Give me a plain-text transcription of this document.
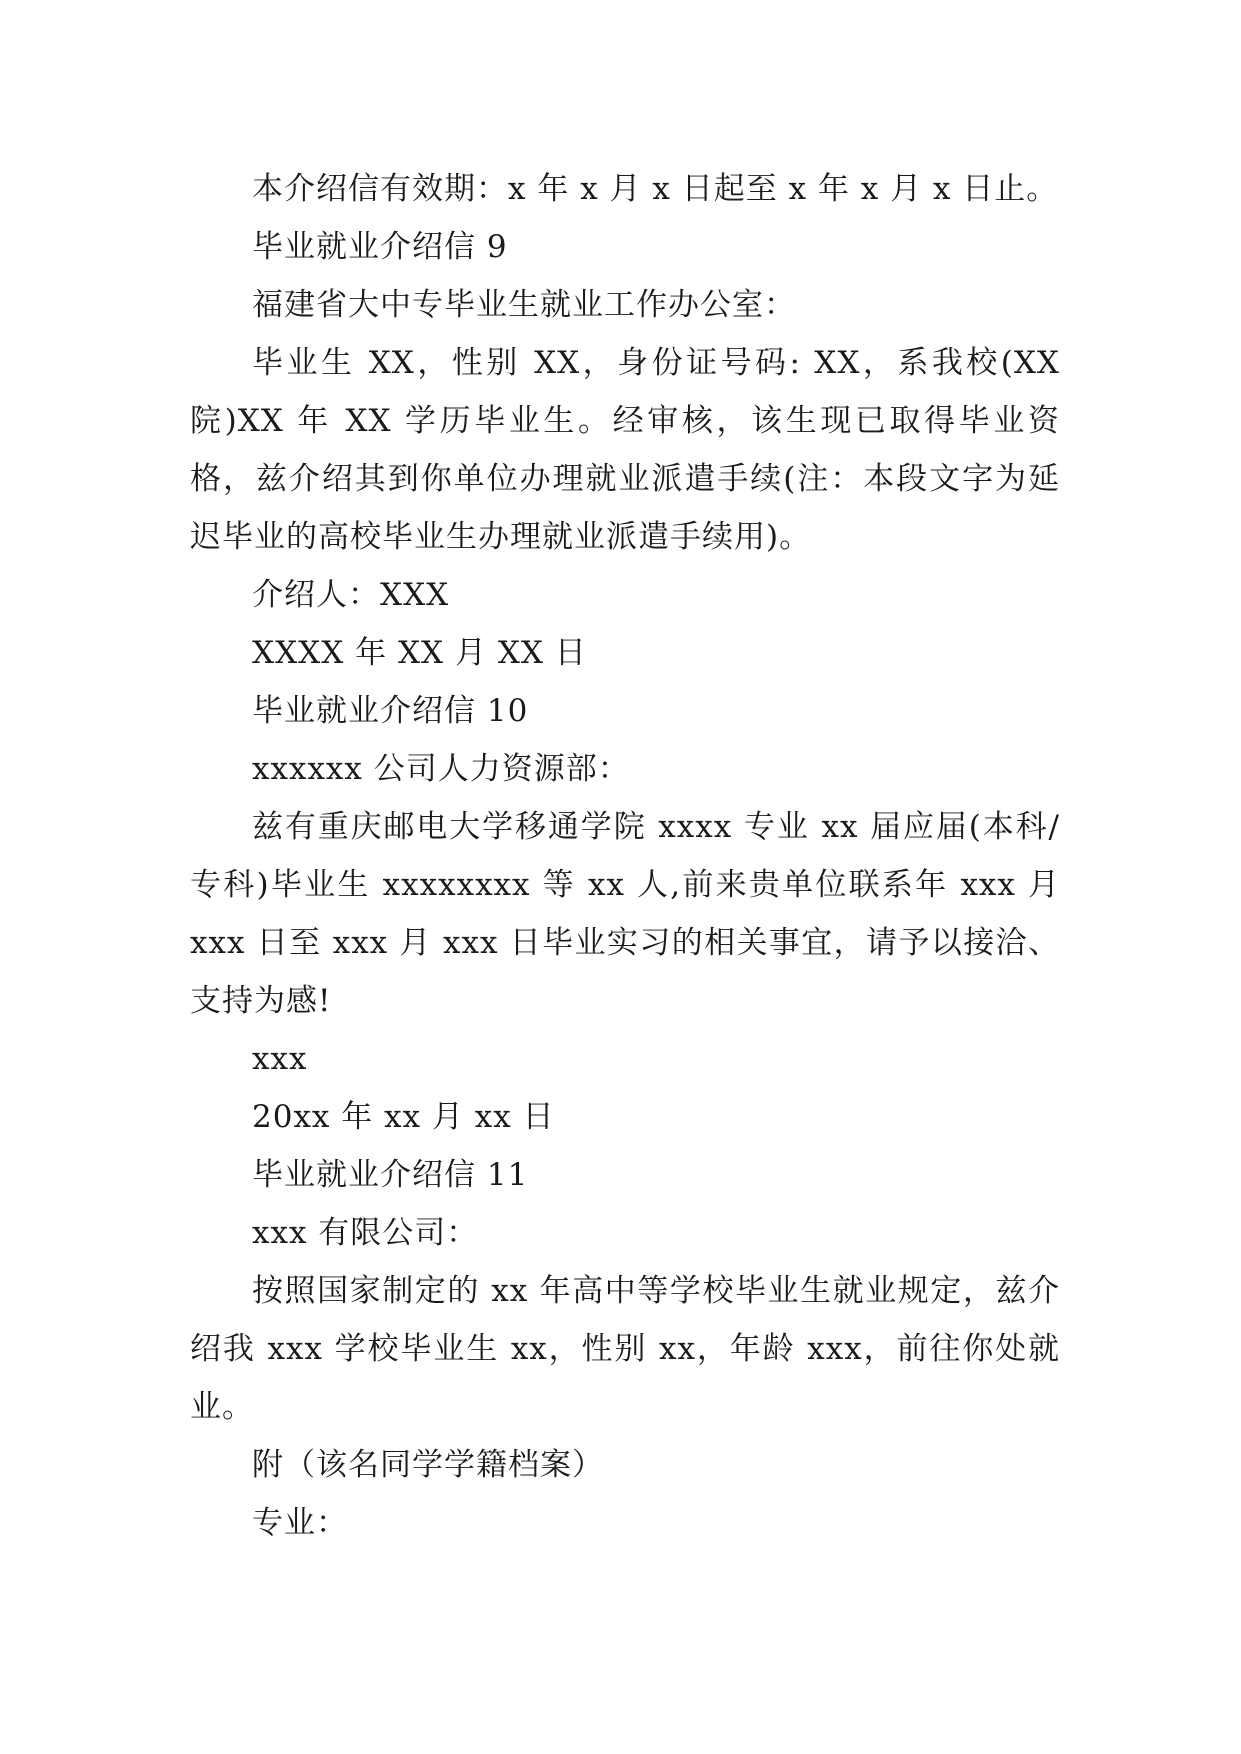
本介绍信有效期：x 年 x 月 x 日起至 x 年 x 月 x 日止。

毕业就业介绍信 9

福建省大中专毕业生就业工作办公室：

毕业生 XX，性别 XX，身份证号码: XX，系我校(XX 院)XX 年 XX 学历毕业生。经审核，该生现已取得毕业资格，兹介绍其到你单位办理就业派遣手续(注：本段文字为延迟毕业的高校毕业生办理就业派遣手续用)。

介绍人：XXX

XXXX 年 XX 月 XX 日

毕业就业介绍信 10

xxxxxx 公司人力资源部：

兹有重庆邮电大学移通学院 xxxx 专业 xx 届应届(本科/专科)毕业生 xxxxxxxx 等 xx 人,前来贵单位联系年 xxx 月 xxx 日至 xxx 月 xxx 日毕业实习的相关事宜，请予以接洽、支持为感!

xxx

20xx 年 xx 月 xx 日

毕业就业介绍信 11

xxx 有限公司：

按照国家制定的 xx 年高中等学校毕业生就业规定，兹介绍我 xxx 学校毕业生 xx，性别 xx，年龄 xxx，前往你处就业。

附（该名同学学籍档案）

专业：
